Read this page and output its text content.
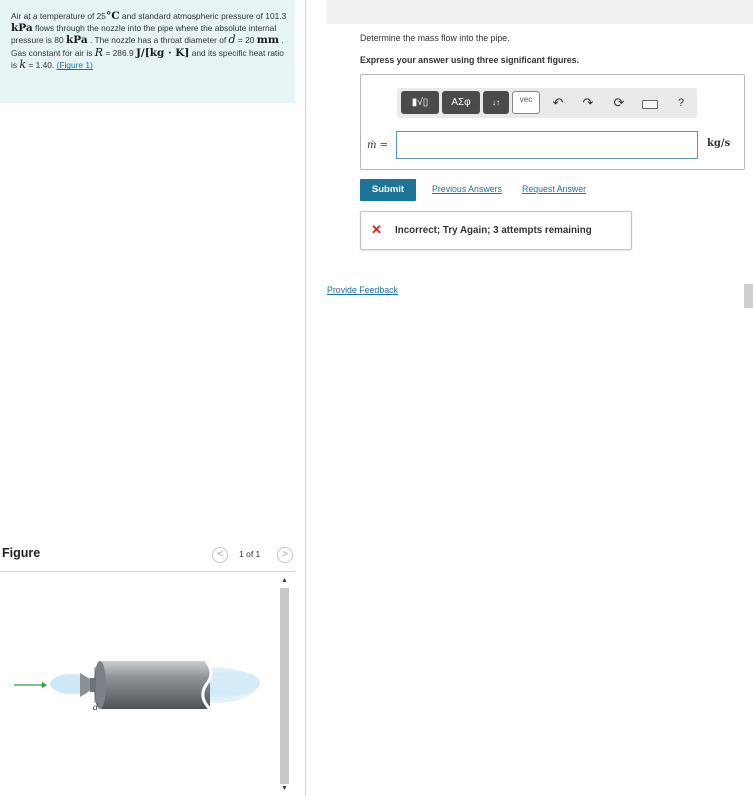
Air at a temperature of 25°C and standard atmospheric pressure of 101.3 kPa flows through the nozzle into the pipe where the absolute internal pressure is 80 kPa . The nozzle has a throat diameter of d = 20 mm . Gas constant for air is R = 286.9 J/[kg · K] and its specific heat ratio is k = 1.40. (Figure 1)
Figure	<	1 of 1	>
d
▲
▼
Determine the mass flow into the pipe.
Express your answer using three significant figures.
▮√▯	ΑΣφ	↓↑	vec	↶ ↷ ⟳	?
ṁ =	kg/s
Submit	Previous Answers Request Answer
✕ Incorrect; Try Again; 3 attempts remaining
Provide Feedback
